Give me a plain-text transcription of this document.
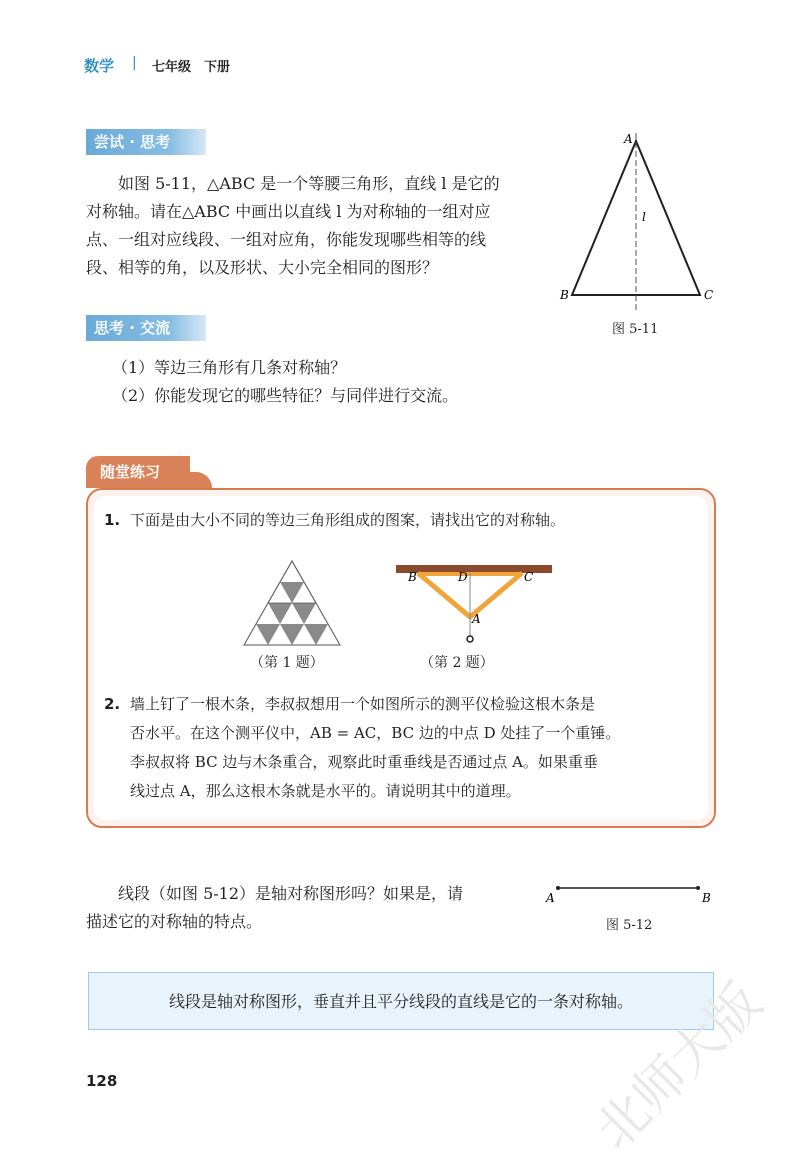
数学 | 七年级　下册
尝试 · 思考
如图 5-11，△ABC 是一个等腰三角形，直线 l 是它的
对称轴。请在△ABC 中画出以直线 l 为对称轴的一组对应
点、一组对应线段、一组对应角，你能发现哪些相等的线
段、相等的角，以及形状、大小完全相同的图形？
A
B	C
l
图 5-11
思考 · 交流
（1）等边三角形有几条对称轴？
（2）你能发现它的哪些特征？与同伴进行交流。
随堂练习
1. 下面是由大小不同的等边三角形组成的图案，请找出它的对称轴。
（第 1 题）
B	D	C
A
（第 2 题）
2. 墙上钉了一根木条，李叔叔想用一个如图所示的测平仪检验这根木条是
否水平。在这个测平仪中，AB = AC，BC 边的中点 D 处挂了一个重锤。
李叔叔将 BC 边与木条重合，观察此时重垂线是否通过点 A。如果重垂
线过点 A，那么这根木条就是水平的。请说明其中的道理。
线段（如图 5-12）是轴对称图形吗？如果是，请
描述它的对称轴的特点。
A	B
图 5-12
线段是轴对称图形，垂直并且平分线段的直线是它的一条对称轴。
128	北师大版
